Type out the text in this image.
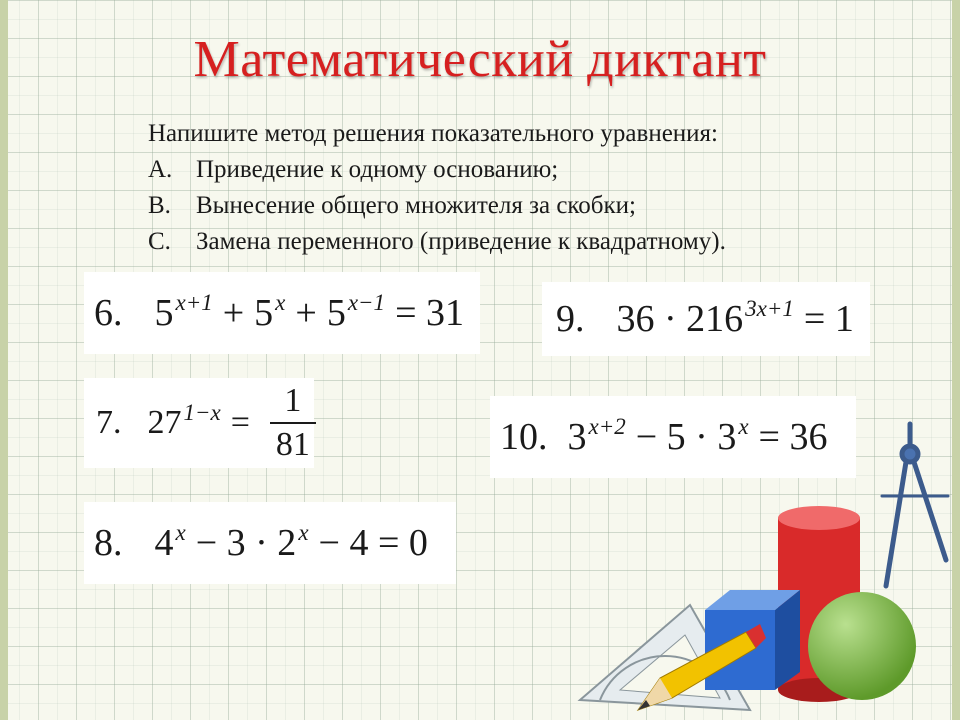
Математический диктант
Напишите метод решения показательного уравнения:
A. Приведение к одному основанию;
B.	Вынесение общего множителя за скобки;
C.	Замена переменного (приведение к квадратному).
6. $5^{x+1} + 5^x + 5^{x-1} = 31$
7. $27^{1-x} = \frac{1}{81}$
8. $4^x - 3 \cdot 2^x - 4 = 0$
9. $36 \cdot 216^{3x+1} = 1$
10. $3^{x+2} - 5 \cdot 3^x = 36$
